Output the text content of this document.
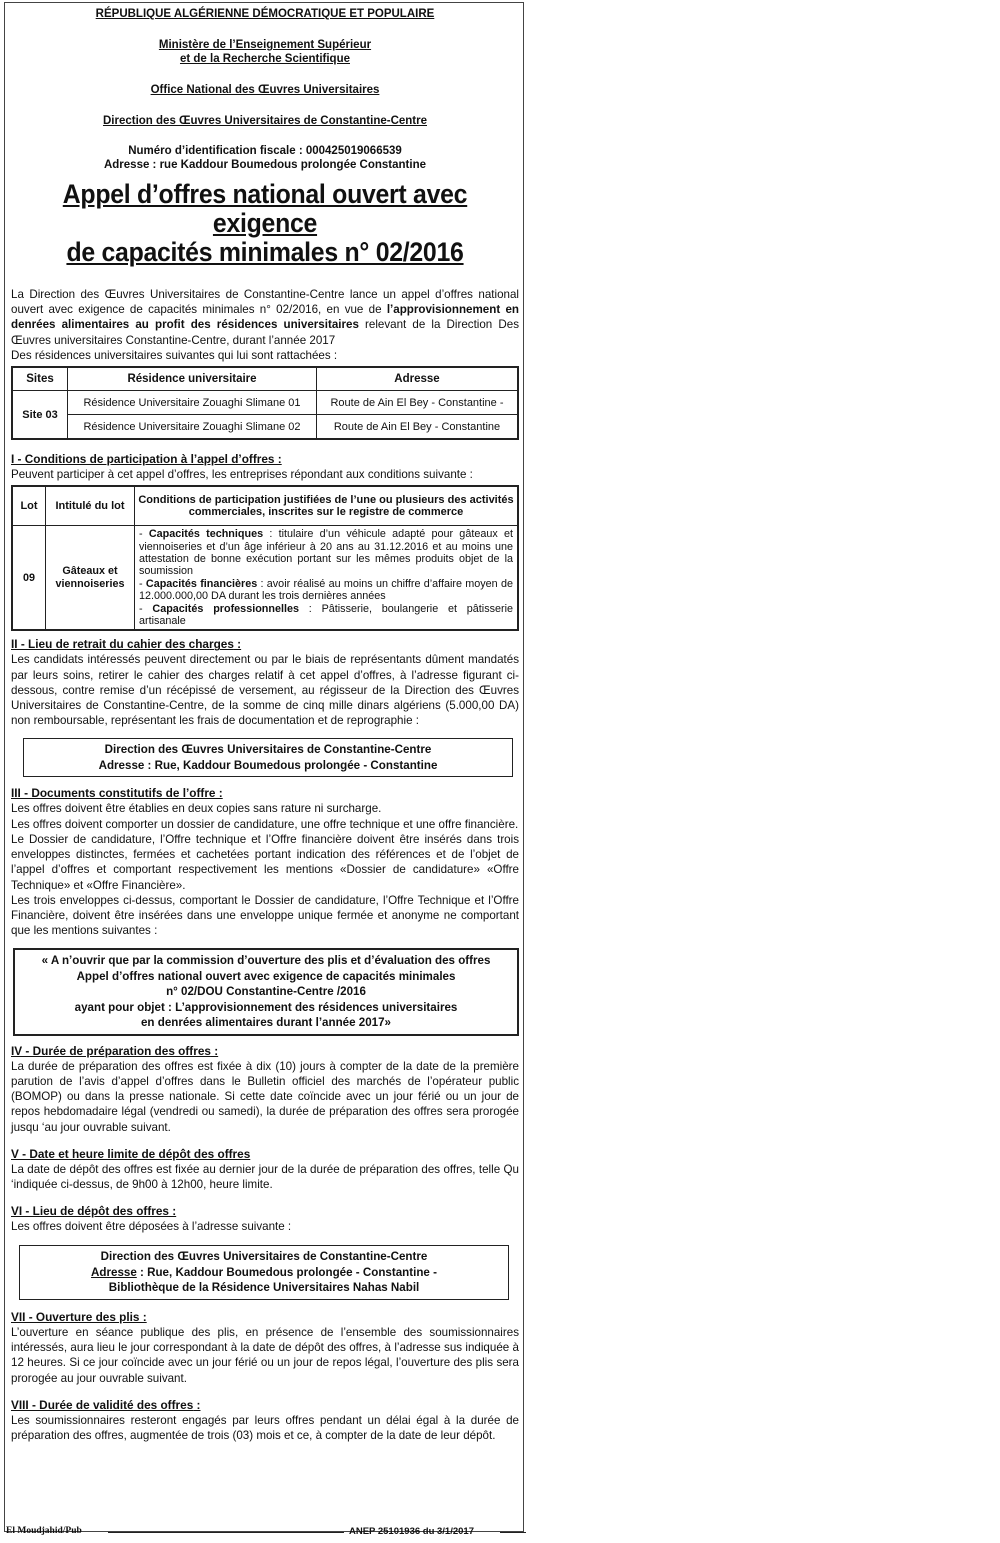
RÉPUBLIQUE ALGÉRIENNE DÉMOCRATIQUE ET POPULAIRE
Ministère de l’Enseignement Supérieur
et de la Recherche Scientifique
Office National des Œuvres Universitaires
Direction des Œuvres Universitaires de Constantine-Centre
Numéro d’identification fiscale : 000425019066539
Adresse : rue Kaddour Boumedous prolongée Constantine
Appel d’offres national ouvert avec exigence
de capacités minimales n° 02/2016

La Direction des Œuvres Universitaires de Constantine-Centre lance un appel d’offres national ouvert avec exigence de capacités minimales n° 02/2016, en vue de l’approvisionnement en denrées alimentaires au profit des résidences universitaires relevant de la Direction Des Œuvres universitaires Constantine-Centre, durant l’année 2017

Des résidences universitaires suivantes qui lui sont rattachées :

Sites	Résidence universitaire	Adresse
Site 03	Résidence Universitaire Zouaghi Slimane 01	Route de Ain El Bey - Constantine -
	Résidence Universitaire Zouaghi Slimane 02	Route de Ain El Bey - Constantine
I - Conditions de participation à l’appel d’offres :

Peuvent participer à cet appel d’offres, les entreprises répondant aux conditions suivante :

Lot	Intitulé du lot	Conditions de participation justifiées de l’une ou plusieurs des activités commerciales, inscrites sur le registre de commerce
09	Gâteaux et viennoiseries	- Capacités techniques : titulaire d’un véhicule adapté pour gâteaux et viennoiseries et d’un âge inférieur à 20 ans au 31.12.2016 et au moins une attestation de bonne exécution portant sur les mêmes produits objet de la soumission
- Capacités financières : avoir réalisé au moins un chiffre d’affaire moyen de 12.000.000,00 DA durant les trois dernières années
- Capacités professionnelles : Pâtisserie, boulangerie et pâtisserie artisanale
II - Lieu de retrait du cahier des charges :

Les candidats intéressés peuvent directement ou par le biais de représentants dûment mandatés par leurs soins, retirer le cahier des charges relatif à cet appel d’offres, à l’adresse figurant ci-dessous, contre remise d’un récépissé de versement, au régisseur de la Direction des Œuvres Universitaires de Constantine-Centre, de la somme de cinq mille dinars algériens (5.000,00 DA) non remboursable, représentant les frais de documentation et de reprographie :

Direction des Œuvres Universitaires de Constantine-Centre
Adresse : Rue, Kaddour Boumedous prolongée - Constantine
III - Documents constitutifs de l’offre :

Les offres doivent être établies en deux copies sans rature ni surcharge.

Les offres doivent comporter un dossier de candidature, une offre technique et une offre financière.

Le Dossier de candidature, l’Offre technique et l’Offre financière doivent être insérés dans trois enveloppes distinctes, fermées et cachetées portant indication des références et de l’objet de l’appel d’offres et comportant respectivement les mentions «Dossier de candidature» «Offre Technique» et «Offre Financière».

Les trois enveloppes ci-dessus, comportant le Dossier de candidature, l’Offre Technique et l’Offre Financière, doivent être insérées dans une enveloppe unique fermée et anonyme ne comportant que les mentions suivantes :

« A n’ouvrir que par la commission d’ouverture des plis et d’évaluation des offres
Appel d’offres national ouvert avec exigence de capacités minimales
n° 02/DOU Constantine-Centre /2016
ayant pour objet : L’approvisionnement des résidences universitaires
en denrées alimentaires durant l’année 2017»
IV - Durée de préparation des offres :

La durée de préparation des offres est fixée à dix (10) jours à compter de la date de la première parution de l’avis d’appel d’offres dans le Bulletin officiel des marchés de l’opérateur public (BOMOP) ou dans la presse nationale. Si cette date coïncide avec un jour férié ou un jour de repos hebdomadaire légal (vendredi ou samedi), la durée de préparation des offres sera prorogée jusqu ‘au jour ouvrable suivant.

V - Date et heure limite de dépôt des offres

La date de dépôt des offres est fixée au dernier jour de la durée de préparation des offres, telle Qu ‘indiquée ci-dessus, de 9h00 à 12h00, heure limite.

VI - Lieu de dépôt des offres :

Les offres doivent être déposées à l’adresse suivante :

Direction des Œuvres Universitaires de Constantine-Centre
Adresse : Rue, Kaddour Boumedous prolongée - Constantine -
Bibliothèque de la Résidence Universitaires Nahas Nabil
VII - Ouverture des plis :

L’ouverture en séance publique des plis, en présence de l’ensemble des soumissionnaires intéressés, aura lieu le jour correspondant à la date de dépôt des offres, à l’adresse sus indiquée à 12 heures. Si ce jour coïncide avec un jour férié ou un jour de repos légal, l’ouverture des plis sera prorogée au jour ouvrable suivant.

VIII - Durée de validité des offres :

Les soumissionnaires resteront engagés par leurs offres pendant un délai égal à la durée de préparation des offres, augmentée de trois (03) mois et ce, à compter de la date de leur dépôt.

El Moudjahid/Pub	ANEP 25101936 du 3/1/2017
